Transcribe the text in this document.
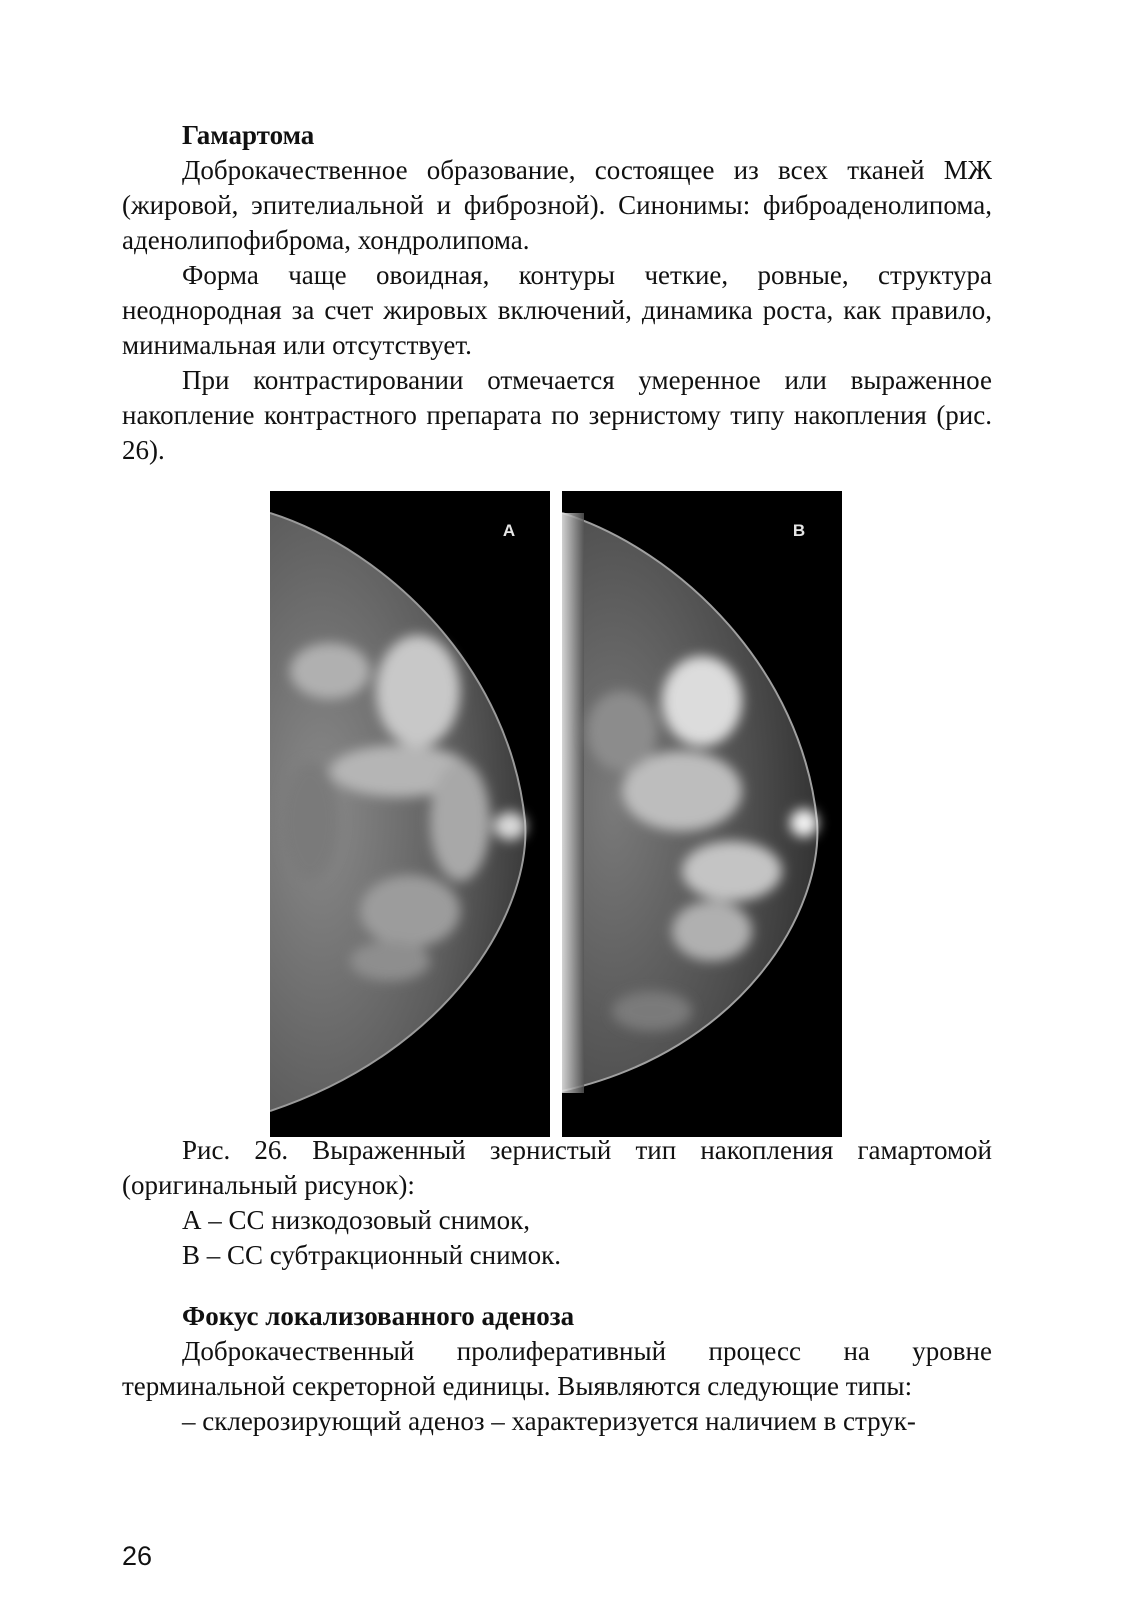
Гамартома

Доброкачественное образование, состоящее из всех тканей МЖ (жировой, эпителиальной и фиброзной). Синонимы: фиброаденолипома, аденолипофиброма, хондролипома.

Форма чаще овоидная, контуры четкие, ровные, структура неоднородная за счет жировых включений, динамика роста, как правило, минимальная или отсутствует.

При контрастировании отмечается умеренное или выраженное накопление контрастного препарата по зернистому типу накопления (рис. 26).

A	B

Рис. 26. Выраженный зернистый тип накопления гамартомой (оригинальный рисунок):

А – СС низкодозовый снимок,

В – СС субтракционный снимок.

Фокус локализованного аденоза

Доброкачественный пролиферативный процесс на уровне терминальной секреторной единицы. Выявляются следующие типы:

– склерозирующий аденоз – характеризуется наличием в струк-

26
